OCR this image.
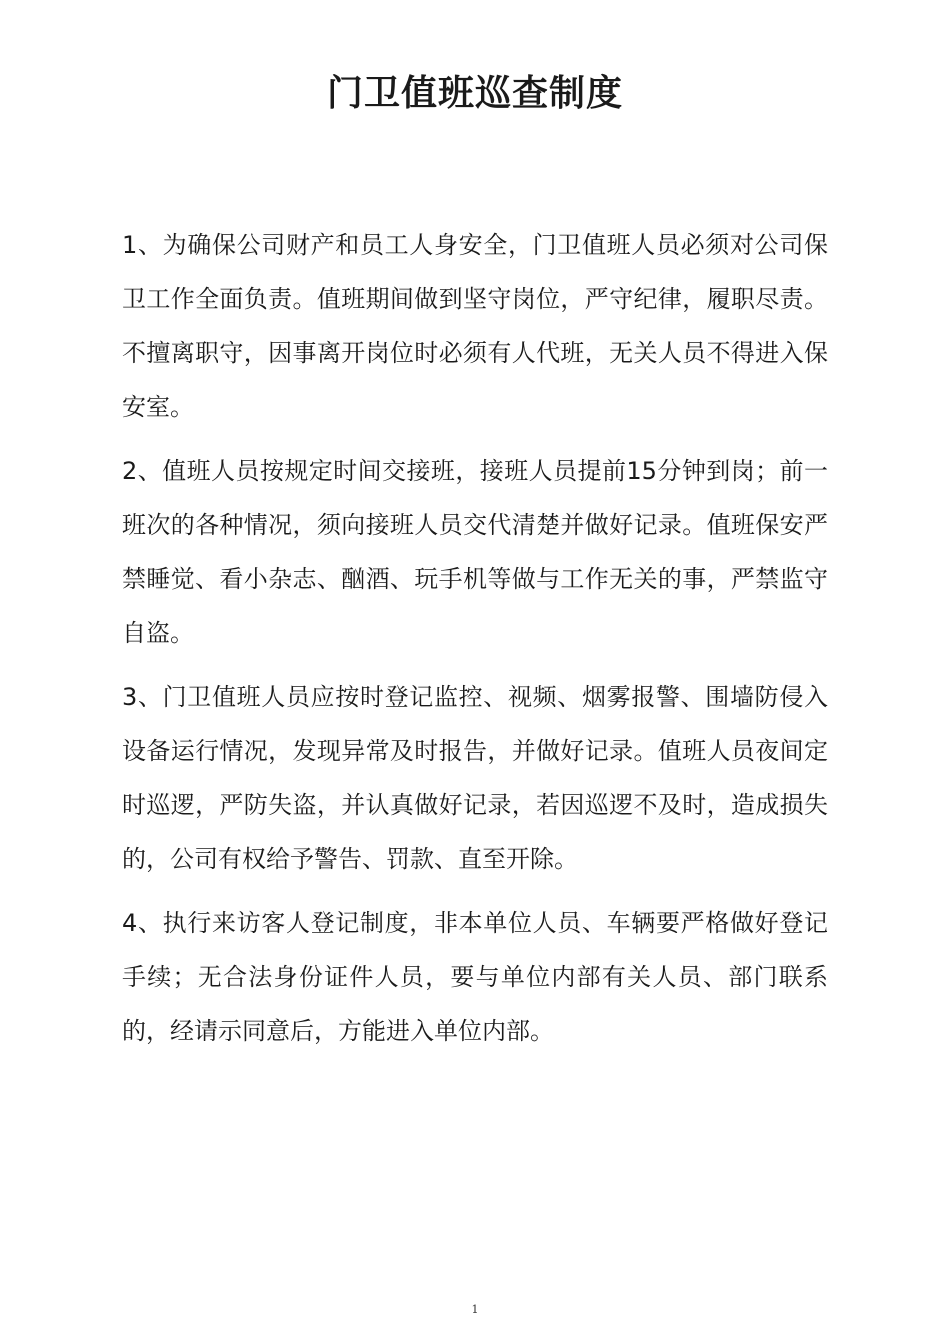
门卫值班巡查制度

1、为确保公司财产和员工人身安全，门卫值班人员必须对公司保卫工作全面负责。值班期间做到坚守岗位，严守纪律，履职尽责。不擅离职守，因事离开岗位时必须有人代班，无关人员不得进入保安室。

2、值班人员按规定时间交接班，接班人员提前15分钟到岗；前一班次的各种情况，须向接班人员交代清楚并做好记录。值班保安严禁睡觉、看小杂志、酗酒、玩手机等做与工作无关的事，严禁监守自盗。

3、门卫值班人员应按时登记监控、视频、烟雾报警、围墙防侵入设备运行情况，发现异常及时报告，并做好记录。值班人员夜间定时巡逻，严防失盗，并认真做好记录，若因巡逻不及时，造成损失的，公司有权给予警告、罚款、直至开除。

4、执行来访客人登记制度，非本单位人员、车辆要严格做好登记手续；无合法身份证件人员，要与单位内部有关人员、部门联系的，经请示同意后，方能进入单位内部。

1
